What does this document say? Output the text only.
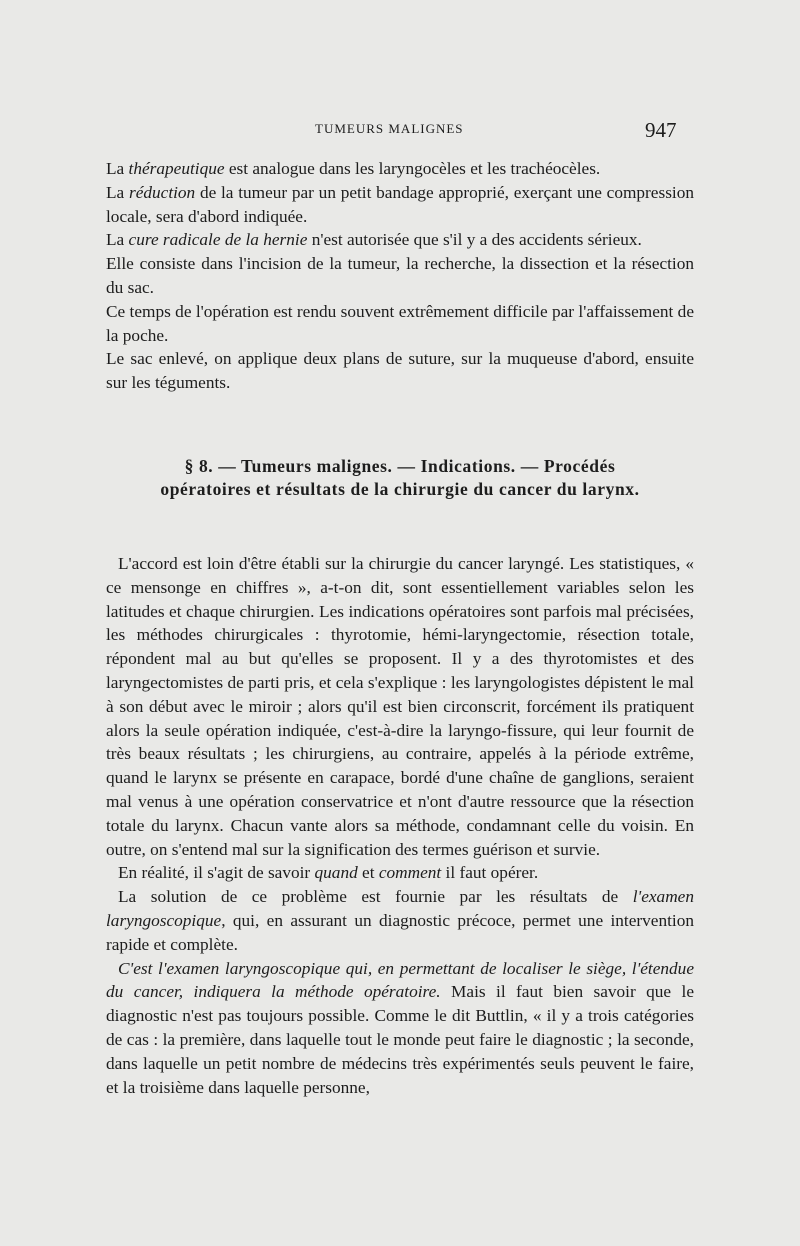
TUMEURS MALIGNES	947

La thérapeutique est analogue dans les laryngocèles et les trachéocèles.

La réduction de la tumeur par un petit bandage approprié, exerçant une compression locale, sera d'abord indiquée.

La cure radicale de la hernie n'est autorisée que s'il y a des accidents sérieux.

Elle consiste dans l'incision de la tumeur, la recherche, la dissection et la résection du sac.

Ce temps de l'opération est rendu souvent extrêmement difficile par l'affaissement de la poche.

Le sac enlevé, on applique deux plans de suture, sur la muqueuse d'abord, ensuite sur les téguments.

§ 8. — Tumeurs malignes. — Indications. — Procédés
opératoires et résultats de la chirurgie du cancer du larynx.

L'accord est loin d'être établi sur la chirurgie du cancer laryngé. Les statistiques, « ce mensonge en chiffres », a-t-on dit, sont essentiellement variables selon les latitudes et chaque chirurgien. Les indications opératoires sont parfois mal précisées, les méthodes chirurgicales : thyrotomie, hémi-laryngectomie, résection totale, répondent mal au but qu'elles se proposent. Il y a des thyrotomistes et des laryngectomistes de parti pris, et cela s'explique : les laryngologistes dépistent le mal à son début avec le miroir ; alors qu'il est bien circonscrit, forcément ils pratiquent alors la seule opération indiquée, c'est-à-dire la laryngo-fissure, qui leur fournit de très beaux résultats ; les chirurgiens, au contraire, appelés à la période extrême, quand le larynx se présente en carapace, bordé d'une chaîne de ganglions, seraient mal venus à une opération conservatrice et n'ont d'autre ressource que la résection totale du larynx. Chacun vante alors sa méthode, condamnant celle du voisin. En outre, on s'entend mal sur la signification des termes guérison et survie.

En réalité, il s'agit de savoir quand et comment il faut opérer.

La solution de ce problème est fournie par les résultats de l'examen laryngoscopique, qui, en assurant un diagnostic précoce, permet une intervention rapide et complète.

C'est l'examen laryngoscopique qui, en permettant de localiser le siège, l'étendue du cancer, indiquera la méthode opératoire. Mais il faut bien savoir que le diagnostic n'est pas toujours possible. Comme le dit Buttlin, « il y a trois catégories de cas : la première, dans laquelle tout le monde peut faire le diagnostic ; la seconde, dans laquelle un petit nombre de médecins très expérimentés seuls peuvent le faire, et la troisième dans laquelle personne,
